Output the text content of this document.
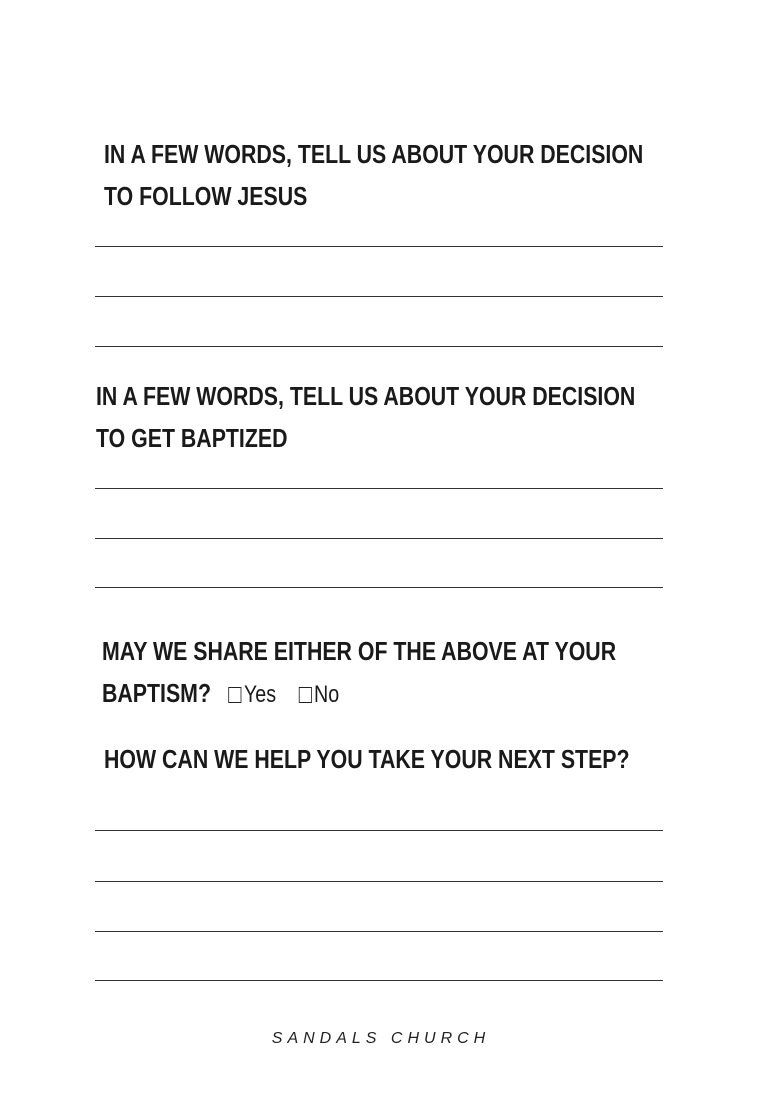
IN A FEW WORDS, TELL US ABOUT YOUR DECISION
TO FOLLOW JESUS
IN A FEW WORDS, TELL US ABOUT YOUR DECISION
TO GET BAPTIZED
MAY WE SHARE EITHER OF THE ABOVE AT YOUR
BAPTISM? Yes No
HOW CAN WE HELP YOU TAKE YOUR NEXT STEP?
SANDALS CHURCH
